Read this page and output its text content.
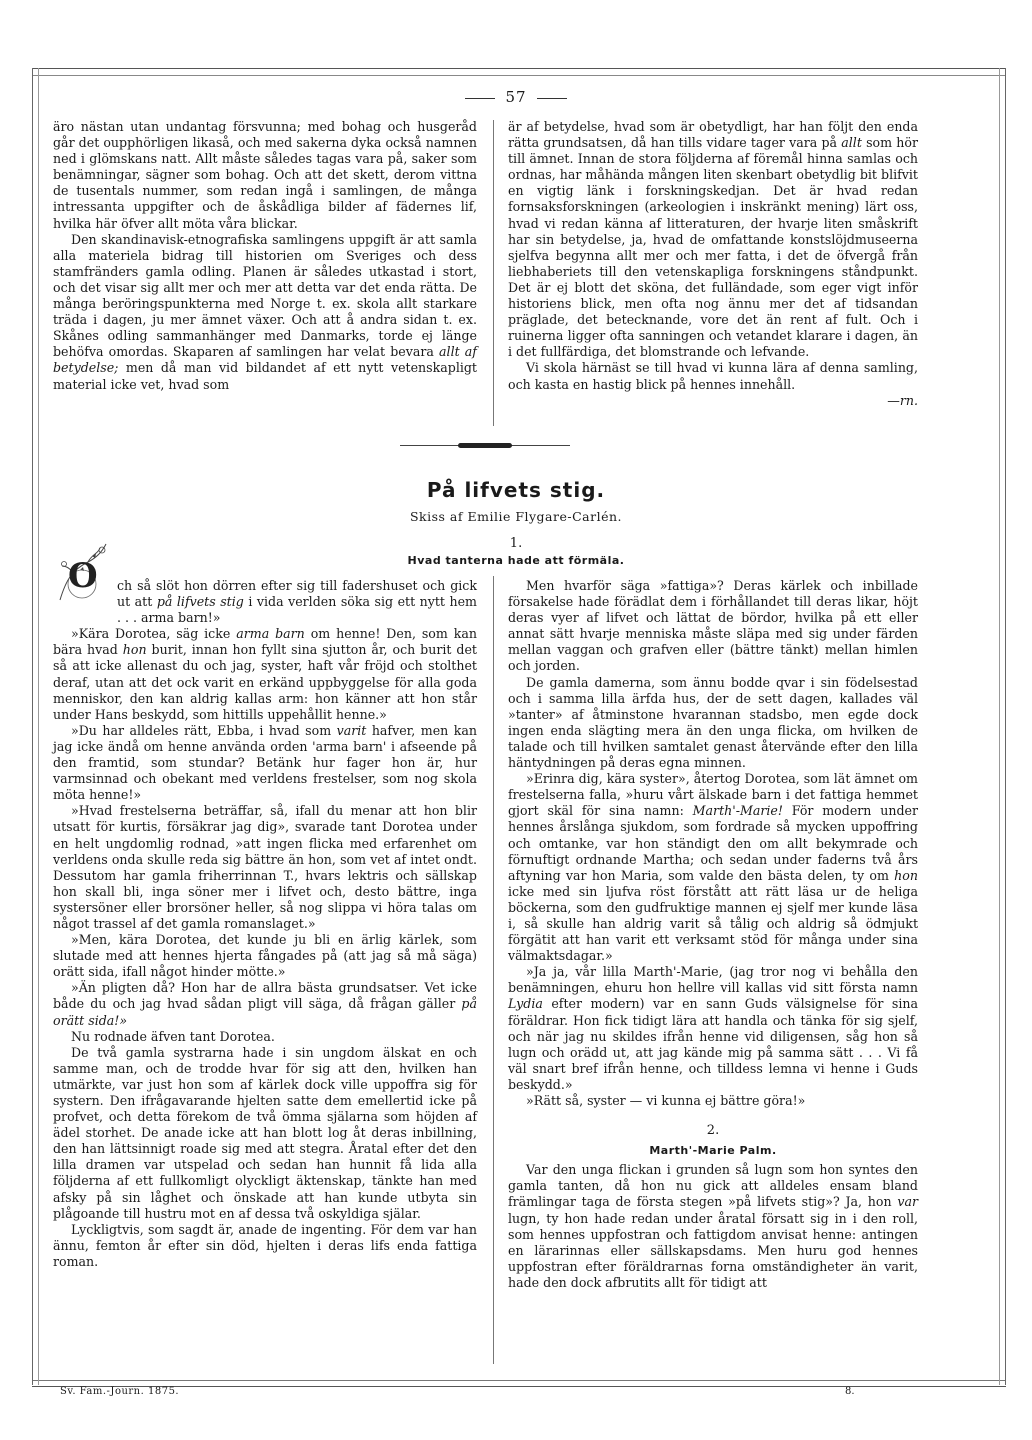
57

äro nästan utan undantag försvunna; med bohag och husgeråd går det oupphörligen likaså, och med sakerna dyka också namnen ned i glömskans natt. Allt måste således tagas vara på, saker som benämningar, sägner som bohag. Och att det skett, derom vittna de tusentals nummer, som redan ingå i samlingen, de många intressanta uppgifter och de åskådliga bilder af fädernes lif, hvilka här öfver allt möta våra blickar.

Den skandinavisk-etnografiska samlingens uppgift är att samla alla materiela bidrag till historien om Sveriges och dess stamfränders gamla odling. Planen är således utkastad i stort, och det visar sig allt mer och mer att detta var det enda rätta. De många beröringspunkterna med Norge t. ex. skola allt starkare träda i dagen, ju mer ämnet växer. Och att å andra sidan t. ex. Skånes odling sammanhänger med Danmarks, torde ej länge behöfva omordas. Skaparen af samlingen har velat bevara allt af betydelse; men då man vid bildandet af ett nytt vetenskapligt material icke vet, hvad som

är af betydelse, hvad som är obetydligt, har han följt den enda rätta grundsatsen, då han tills vidare tager vara på allt som hör till ämnet. Innan de stora följderna af föremål hinna samlas och ordnas, har måhända mången liten skenbart obetydlig bit blifvit en vigtig länk i forskningskedjan. Det är hvad redan fornsaksforskningen (arkeologien i inskränkt mening) lärt oss, hvad vi redan känna af litteraturen, der hvarje liten småskrift har sin betydelse, ja, hvad de omfattande konstslöjdmuseerna sjelfva begynna allt mer och mer fatta, i det de öfvergå från liebhaberiets till den vetenskapliga forskningens ståndpunkt. Det är ej blott det sköna, det fulländade, som eger vigt inför historiens blick, men ofta nog ännu mer det af tidsandan präglade, det betecknande, vore det än rent af fult. Och i ruinerna ligger ofta sanningen och vetandet klarare i dagen, än i det fullfärdiga, det blomstrande och lefvande.

Vi skola härnäst se till hvad vi kunna lära af denna samling, och kasta en hastig blick på hennes innehåll.

—rn.

På lifvets stig.
Skiss af Emilie Flygare-Carlén.
1.
Hvad tanterna hade att förmäla.
O	ch så slöt hon dörren efter sig till fadershuset och gick ut att på lifvets stig i vida verlden söka sig ett nytt hem . . . arma barn!»

»Kära Dorotea, säg icke arma barn om henne! Den, som kan bära hvad hon burit, innan hon fyllt sina sjutton år, och burit det så att icke allenast du och jag, syster, haft vår fröjd och stolthet deraf, utan att det ock varit en erkänd uppbyggelse för alla goda menniskor, den kan aldrig kallas arm: hon känner att hon står under Hans beskydd, som hittills uppehållit henne.»

»Du har alldeles rätt, Ebba, i hvad som varit hafver, men kan jag icke ändå om henne använda orden 'arma barn' i afseende på den framtid, som stundar? Betänk hur fager hon är, hur varmsinnad och obekant med verldens frestelser, som nog skola möta henne!»

»Hvad frestelserna beträffar, så, ifall du menar att hon blir utsatt för kurtis, försäkrar jag dig», svarade tant Dorotea under en helt ungdomlig rodnad, »att ingen flicka med erfarenhet om verldens onda skulle reda sig bättre än hon, som vet af intet ondt. Dessutom har gamla friherrinnan T., hvars lektris och sällskap hon skall bli, inga söner mer i lifvet och, desto bättre, inga systersöner eller brorsöner heller, så nog slippa vi höra talas om något trassel af det gamla romanslaget.»

»Men, kära Dorotea, det kunde ju bli en ärlig kärlek, som slutade med att hennes hjerta fångades på (att jag så må säga) orätt sida, ifall något hinder mötte.»

»Än pligten då? Hon har de allra bästa grundsatser. Vet icke både du och jag hvad sådan pligt vill säga, då frågan gäller på orätt sida!»

Nu rodnade äfven tant Dorotea.

De två gamla systrarna hade i sin ungdom älskat en och samme man, och de trodde hvar för sig att den, hvilken han utmärkte, var just hon som af kärlek dock ville uppoffra sig för systern. Den ifrågavarande hjelten satte dem emellertid icke på profvet, och detta förekom de två ömma själarna som höjden af ädel storhet. De anade icke att han blott log åt deras inbillning, den han lättsinnigt roade sig med att stegra. Åratal efter det den lilla dramen var utspelad och sedan han hunnit få lida alla följderna af ett fullkomligt olyckligt äktenskap, tänkte han med afsky på sin låghet och önskade att han kunde utbyta sin plågoande till hustru mot en af dessa två oskyldiga själar.

Lyckligtvis, som sagdt är, anade de ingenting. För dem var han ännu, femton år efter sin död, hjelten i deras lifs enda fattiga roman.

Men hvarför säga »fattiga»? Deras kärlek och inbillade försakelse hade förädlat dem i förhållandet till deras likar, höjt deras vyer af lifvet och lättat de bördor, hvilka på ett eller annat sätt hvarje menniska måste släpa med sig under färden mellan vaggan och grafven eller (bättre tänkt) mellan himlen och jorden.

De gamla damerna, som ännu bodde qvar i sin födelsestad och i samma lilla ärfda hus, der de sett dagen, kallades väl »tanter» af åtminstone hvarannan stadsbo, men egde dock ingen enda slägting mera än den unga flicka, om hvilken de talade och till hvilken samtalet genast återvände efter den lilla häntydningen på deras egna minnen.

»Erinra dig, kära syster», återtog Dorotea, som lät ämnet om frestelserna falla, »huru vårt älskade barn i det fattiga hemmet gjort skäl för sina namn: Marth'-Marie! För modern under hennes årslånga sjukdom, som fordrade så mycken uppoffring och omtanke, var hon ständigt den om allt bekymrade och förnuftigt ordnande Martha; och sedan under faderns två års aftyning var hon Maria, som valde den bästa delen, ty om hon icke med sin ljufva röst förstått att rätt läsa ur de heliga böckerna, som den gudfruktige mannen ej sjelf mer kunde läsa i, så skulle han aldrig varit så tålig och aldrig så ödmjukt förgätit att han varit ett verksamt stöd för många under sina välmaktsdagar.»

»Ja ja, vår lilla Marth'-Marie, (jag tror nog vi behålla den benämningen, ehuru hon hellre vill kallas vid sitt första namn Lydia efter modern) var en sann Guds välsignelse för sina föräldrar. Hon fick tidigt lära att handla och tänka för sig sjelf, och när jag nu skildes ifrån henne vid diligensen, såg hon så lugn och orädd ut, att jag kände mig på samma sätt . . . Vi få väl snart bref ifrån henne, och tilldess lemna vi henne i Guds beskydd.»

»Rätt så, syster — vi kunna ej bättre göra!»

2.

Marth'-Marie Palm.

Var den unga flickan i grunden så lugn som hon syntes den gamla tanten, då hon nu gick att alldeles ensam bland främlingar taga de första stegen »på lifvets stig»? Ja, hon var lugn, ty hon hade redan under åratal försatt sig in i den roll, som hennes uppfostran och fattigdom anvisat henne: antingen en lärarinnas eller sällskapsdams. Men huru god hennes uppfostran efter föräldrarnas forna omständigheter än varit, hade den dock afbrutits allt för tidigt att

Sv. Fam.-Journ. 1875.	8.
